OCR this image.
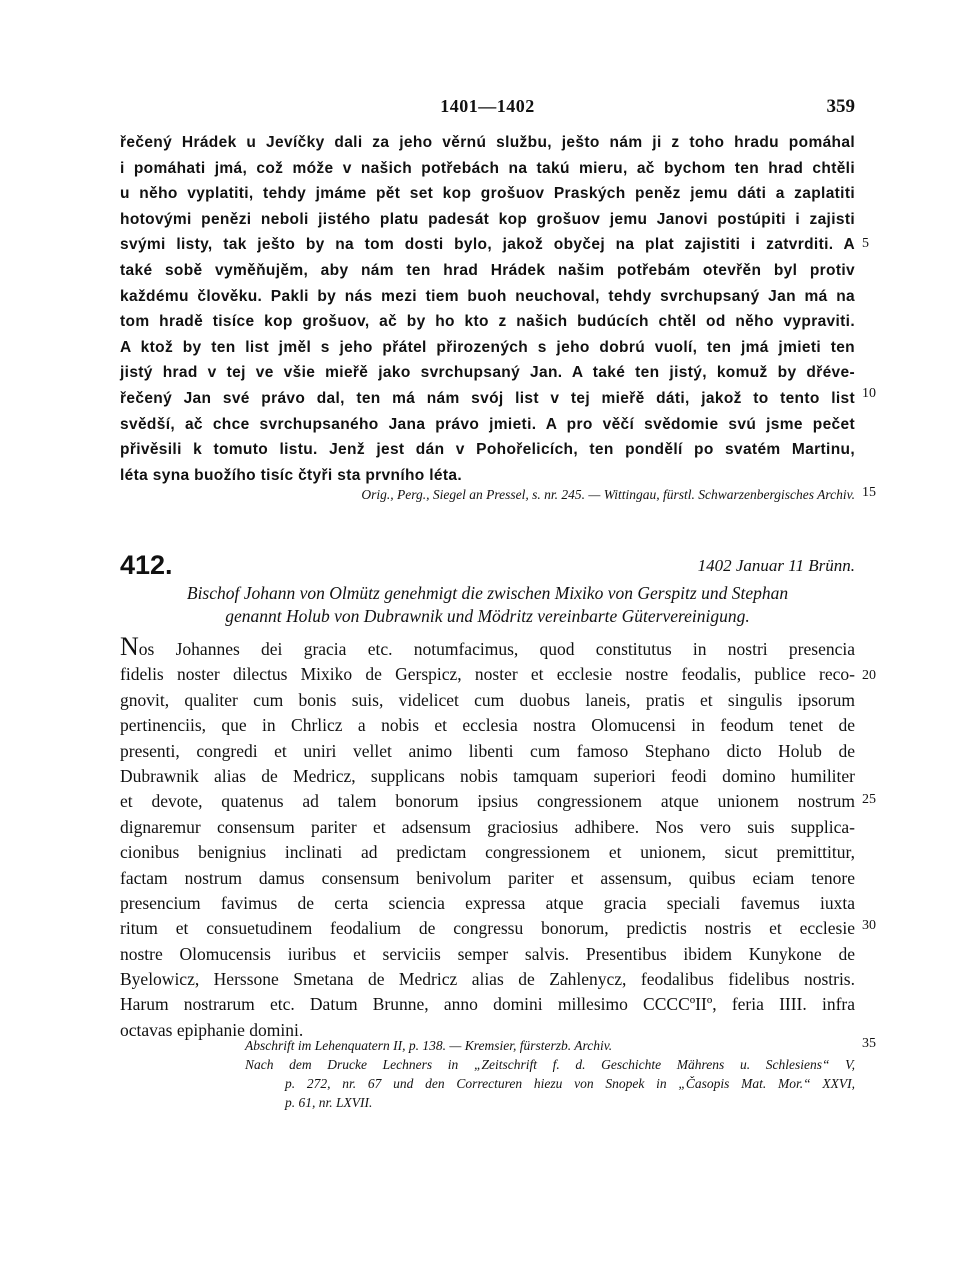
1401—1402	359
řečený Hrádek u Jevíčky dali za jeho věrnú službu, ješto nám ji z toho hradu pomáhal
i pomáhati jmá, což móže v našich potřebách na takú mieru, ač bychom ten hrad chtěli
u něho vyplatiti, tehdy jmáme pět set kop grošuov Praských peněz jemu dáti a zaplatiti
hotovými penězi neboli jistého platu padesát kop grošuov jemu Janovi postúpiti i zajisti
svými listy, tak ješto by na tom dosti bylo, jakož obyčej na plat zajistiti i zatvrditi. A
také sobě vyměňujěm, aby nám ten hrad Hrádek našim potřebám otevřěn byl protiv
každému člověku. Pakli by nás mezi tiem buoh neuchoval, tehdy svrchupsaný Jan má na
tom hradě tisíce kop grošuov, ač by ho kto z našich budúcích chtěl od něho vypraviti.
A ktož by ten list jměl s jeho přátel přirozených s jeho dobrú vuolí, ten jmá jmieti ten
jistý hrad v tej ve všie mieřě jako svrchupsaný Jan. A také ten jistý, komuž by dřéve-
řečený Jan své právo dal, ten má nám svój list v tej mieřě dáti, jakož to tento list
svědší, ač chce svrchupsaného Jana právo jmieti. A pro věčí svědomie svú jsme pečet
přivěsili k tomuto listu. Jenž jest dán v Pohořelicích, ten pondělí po svatém Martinu,
léta syna buožího tisíc čtyři sta prvního léta.
Orig., Perg., Siegel an Pressel, s. nr. 245. — Wittingau, fürstl. Schwarzenbergisches Archiv.
412.	1402 Januar 11 Brünn.
Bischof Johann von Olmütz genehmigt die zwischen Mixiko von Gerspitz und Stephan
genannt Holub von Dubrawnik und Mödritz vereinbarte Gütervereinigung.
Nos Johannes dei gracia etc. notumfacimus, quod constitutus in nostri presencia
fidelis noster dilectus Mixiko de Gerspicz, noster et ecclesie nostre feodalis, publice reco-
gnovit, qualiter cum bonis suis, videlicet cum duobus laneis, pratis et singulis ipsorum
pertinenciis, que in Chrlicz a nobis et ecclesia nostra Olomucensi in feodum tenet de
presenti, congredi et uniri vellet animo libenti cum famoso Stephano dicto Holub de
Dubrawnik alias de Medricz, supplicans nobis tamquam superiori feodi domino humiliter
et devote, quatenus ad talem bonorum ipsius congressionem atque unionem nostrum
dignaremur consensum pariter et adsensum graciosius adhibere. Nos vero suis supplica-
cionibus benignius inclinati ad predictam congressionem et unionem, sicut premittitur,
factam nostrum damus consensum benivolum pariter et assensum, quibus eciam tenore
presencium favimus de certa sciencia expressa atque gracia speciali favemus iuxta
ritum et consuetudinem feodalium de congressu bonorum, predictis nostris et ecclesie
nostre Olomucensis iuribus et serviciis semper salvis. Presentibus ibidem Kunykone de
Byelowicz, Herssone Smetana de Medricz alias de Zahlenycz, feodalibus fidelibus nostris.
Harum nostrarum etc. Datum Brunne, anno domini millesimo CCCCºIIº, feria IIII. infra
octavas epiphanie domini.
Abschrift im Lehenquatern II, p. 138. — Kremsier, fürsterzb. Archiv.
Nach dem Drucke Lechners in „Zeitschrift f. d. Geschichte Mährens u. Schlesiens“ V,
p. 272, nr. 67 und den Correcturen hiezu von Snopek in „Časopis Mat. Mor.“ XXVI,
p. 61, nr. LXVII.
5
10
15
20
25
30
35
